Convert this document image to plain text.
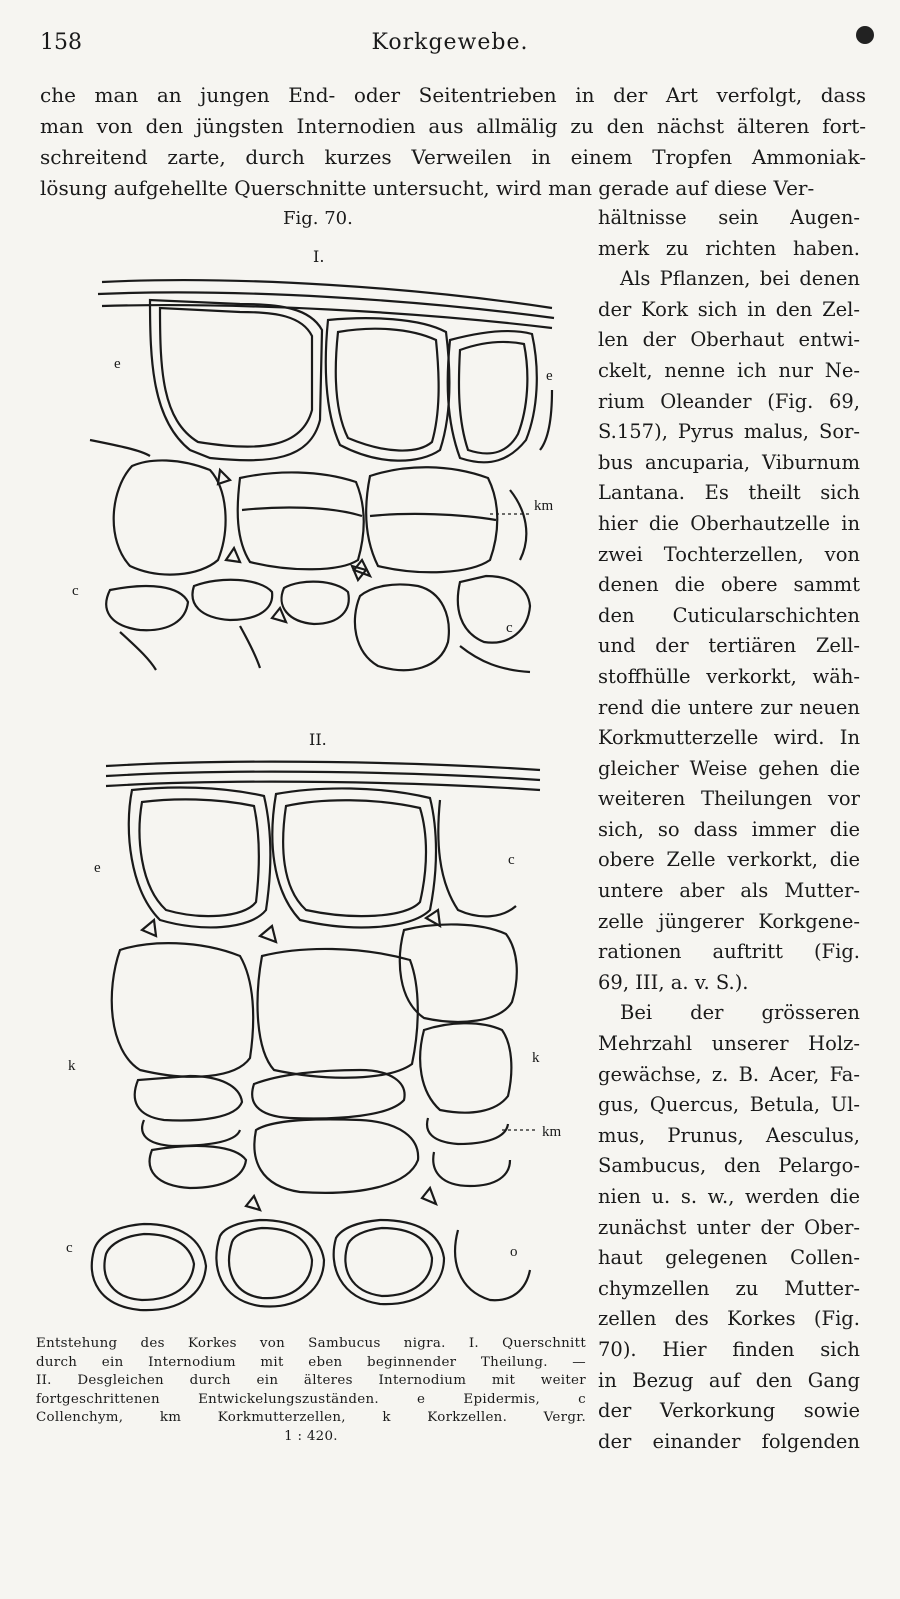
158	Korkgewebe.

che man an jungen End- oder Seitentrieben in der Art verfolgt, dass

man von den jüngsten Internodien aus allmälig zu den nächst älteren fort-

schreitend zarte, durch kurzes Verweilen in einem Tropfen Ammoniak-

lösung aufgehellte Querschnitte untersucht, wird man gerade auf diese Ver-

hältnisse sein Augen-

merk zu richten haben.

Als Pflanzen, bei denen

der Kork sich in den Zel-

len der Oberhaut entwi-

ckelt, nenne ich nur Ne-

rium Oleander (Fig. 69,

S.157), Pyrus malus, Sor-

bus ancuparia, Viburnum

Lantana. Es theilt sich

hier die Oberhautzelle in

zwei Tochterzellen, von

denen die obere sammt

den Cuticularschichten

und der tertiären Zell-

stoffhülle verkorkt, wäh-

rend die untere zur neuen

Korkmutterzelle wird. In

gleicher Weise gehen die

weiteren Theilungen vor

sich, so dass immer die

obere Zelle verkorkt, die

untere aber als Mutter-

zelle jüngerer Korkgene-

rationen auftritt (Fig.

69, III, a. v. S.).

Bei der grösseren

Mehrzahl unserer Holz-

gewächse, z. B. Acer, Fa-

gus, Quercus, Betula, Ul-

mus, Prunus, Aesculus,

Sambucus, den Pelargo-

nien u. s. w., werden die

zunächst unter der Ober-

haut gelegenen Collen-

chymzellen zu Mutter-

zellen des Korkes (Fig.

70). Hier finden sich

in Bezug auf den Gang

der Verkorkung sowie

der einander folgenden

Fig. 70.
I.
II.
e
e
km
c
c
e	c
k	k
km
c	o

Entstehung des Korkes von Sambucus nigra. I. Querschnitt

durch ein Internodium mit eben beginnender Theilung. —

II. Desgleichen durch ein älteres Internodium mit weiter

fortgeschrittenen Entwickelungszuständen. e Epidermis, c

Collenchym, km Korkmutterzellen, k Korkzellen. Vergr.

1 : 420.
